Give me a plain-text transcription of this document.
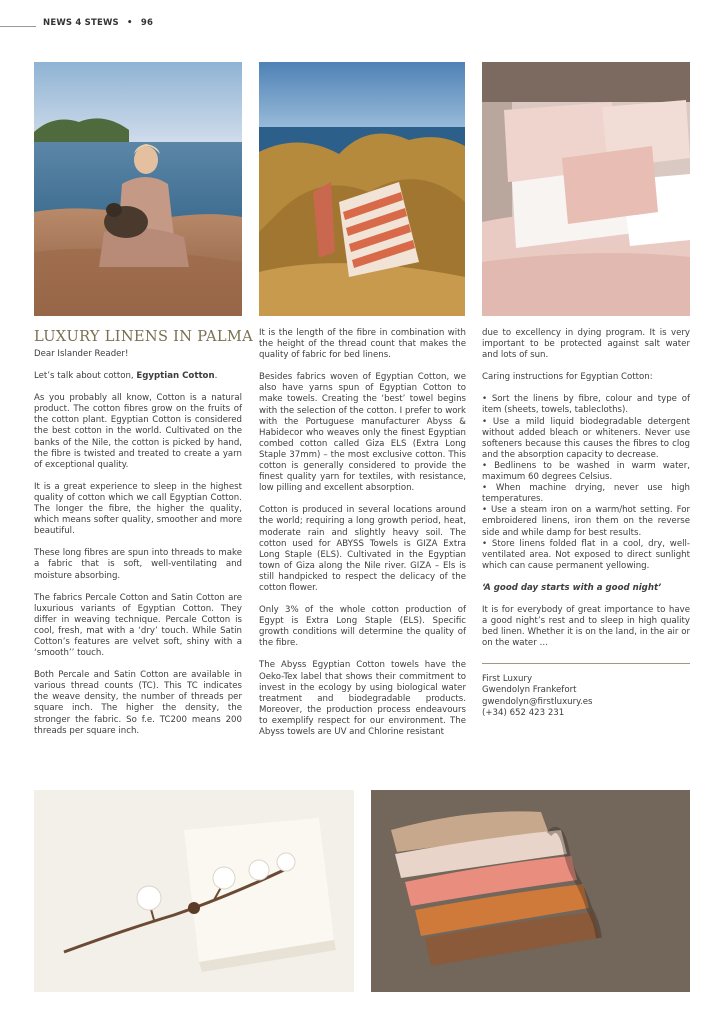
NEWS 4 STEWS • 96
LUXURY LINENS IN PALMA

Dear Islander Reader!

Let’s talk about cotton, Egyptian Cotton.

As you probably all know, Cotton is a natural product. The cotton fibres grow on the fruits of the cotton plant. Egyptian Cotton is considered the best cotton in the world. Cultivated on the banks of the Nile, the cotton is picked by hand, the fibre is twisted and treated to create a yarn of exceptional quality.

It is a great experience to sleep in the highest quality of cotton which we call Egyptian Cotton. The longer the fibre, the higher the quality, which means softer quality, smoother and more beautiful.

These long fibres are spun into threads to make a fabric that is soft, well-ventilating and moisture absorbing.

The fabrics Percale Cotton and Satin Cotton are luxurious variants of Egyptian Cotton. They differ in weaving technique. Percale Cotton is cool, fresh, mat with a ‘dry’ touch. While Satin Cotton’s features are velvet soft, shiny with a ‘smooth’’ touch.

Both Percale and Satin Cotton are available in various thread counts (TC). This TC indicates the weave density, the number of threads per square inch. The higher the density, the stronger the fabric. So f.e. TC200 means 200 threads per square inch.

It is the length of the fibre in combination with the height of the thread count that makes the quality of fabric for bed linens.

Besides fabrics woven of Egyptian Cotton, we also have yarns spun of Egyptian Cotton to make towels. Creating the ‘best’ towel begins with the selection of the cotton. I prefer to work with the Portuguese manufacturer Abyss & Habidecor who weaves only the finest Egyptian combed cotton called Giza ELS (Extra Long Staple 37mm) – the most exclusive cotton. This cotton is generally considered to provide the finest quality yarn for textiles, with resistance, low pilling and excellent absorption.

Cotton is produced in several locations around the world; requiring a long growth period, heat, moderate rain and slightly heavy soil. The cotton used for ABYSS Towels is GIZA Extra Long Staple (ELS). Cultivated in the Egyptian town of Giza along the Nile river. GIZA – Els is still handpicked to respect the delicacy of the cotton flower.

Only 3% of the whole cotton production of Egypt is Extra Long Staple (ELS). Specific growth conditions will determine the quality of the fibre.

The Abyss Egyptian Cotton towels have the Oeko-Tex label that shows their commitment to invest in the ecology by using biological water treatment and biodegradable products. Moreover, the production process endeavours to exemplify respect for our environment. The Abyss towels are UV and Chlorine resistant

due to excellency in dying program. It is very important to be protected against salt water and lots of sun.

Caring instructions for Egyptian Cotton:

• Sort the linens by fibre, colour and type of item (sheets, towels, tablecloths).
• Use a mild liquid biodegradable detergent without added bleach or whiteners. Never use softeners because this causes the fibres to clog and the absorption capacity to decrease.
• Bedlinens to be washed in warm water, maximum 60 degrees Celsius.
• When machine drying, never use high temperatures.
• Use a steam iron on a warm/hot setting. For embroidered linens, iron them on the reverse side and while damp for best results.
• Store linens folded flat in a cool, dry, well-ventilated area. Not exposed to direct sunlight which can cause permanent yellowing.

‘A good day starts with a good night’

It is for everybody of great importance to have a good night’s rest and to sleep in high quality bed linen. Whether it is on the land, in the air or on the water …

First Luxury
Gwendolyn Frankefort
gwendolyn@firstluxury.es
(+34) 652 423 231
